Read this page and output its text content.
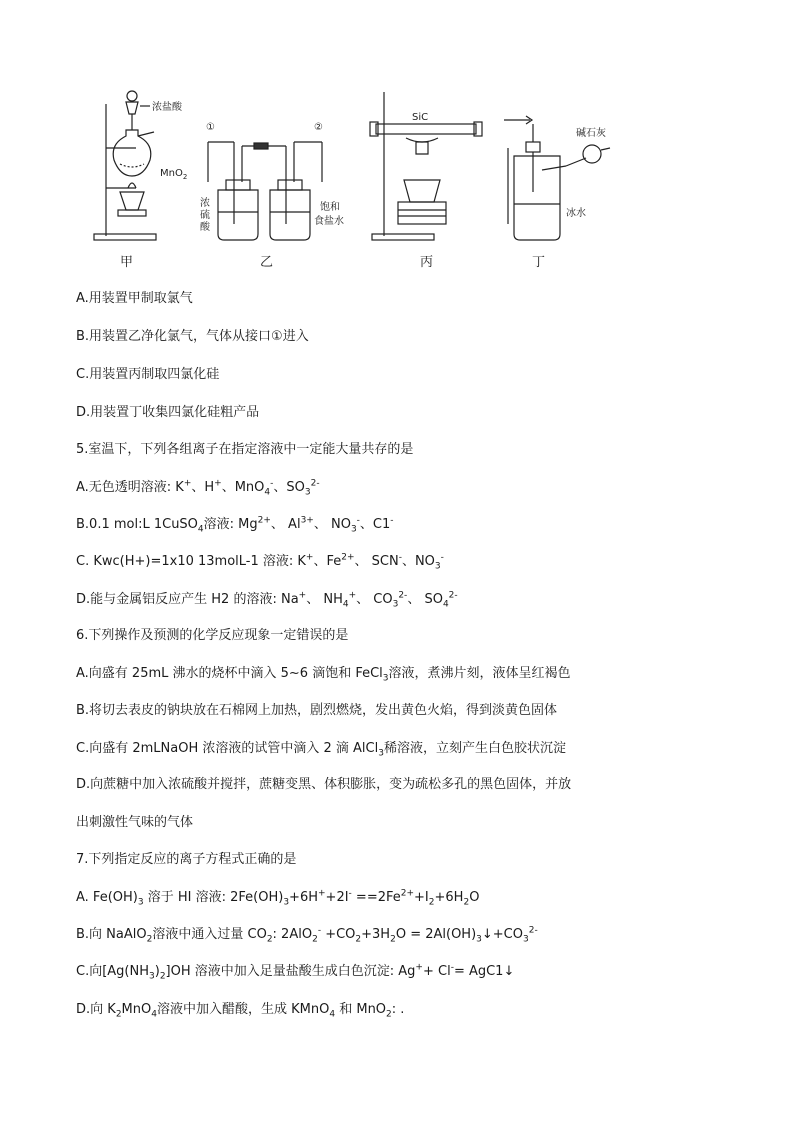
甲	乙	丙	丁
浓盐酸
MnO$_2$
①	②
浓
硫
酸
饱和
食盐水
SiC
碱石灰
冰水
A.用装置甲制取氯气
B.用装置乙净化氯气，气体从接口①进入
C.用装置丙制取四氯化硅
D.用装置丁收集四氯化硅粗产品
5.室温下，下列各组离子在指定溶液中一定能大量共存的是
A.无色透明溶液: K+、H+、MnO$_4$-、$SO_3^{2-}$
B.0.1 mol:L 1CuSO$_4$溶液: $Mg^{2+}$、 $Al^{3+}$、 $NO_3^-$、C1-
C. Kwc(H+)=1x10 13molL-1 溶液: K+、$Fe^{2+}$、 SCN-、$NO_3^-$
D.能与金属铝反应产生 H2 的溶液: Na+、 $NH_4^+$、 $CO_3^{2-}$、 $SO_4^{2-}$
6.下列操作及预测的化学反应现象一定错误的是
A.向盛有 25mL 沸水的烧杯中滴入 5~6 滴饱和 FeCl$_3$溶液，煮沸片刻，液体呈红褐色
B.将切去表皮的钠块放在石棉网上加热，剧烈燃烧，发出黄色火焰，得到淡黄色固体
C.向盛有 2mLNaOH 浓溶液的试管中滴入 2 滴 AlCl$_3$稀溶液，立刻产生白色胶状沉淀
D.向蔗糖中加入浓硫酸并搅拌，蔗糖变黑、体积膨胀，变为疏松多孔的黑色固体，并放
出刺激性气味的气体
7.下列指定反应的离子方程式正确的是
A. $Fe(OH)_3$ 溶于 HI 溶液: $2Fe(OH)_3+6H^++2I^- ==2Fe^{2+}+I_2+6H_2O$
B.向 NaAlO$_2$溶液中通入过量 $CO_2$: $2AlO_2^- +CO_2+3H_2O$ = $2Al(OH)_3↓+CO_3^{2-}$
C.向$[Ag(NH_3)_2]OH$ 溶液中加入足量盐酸生成白色沉淀: Ag++ Cl-= AgC1↓
D.向 $K_2MnO_4$溶液中加入醋酸，生成 KMnO$_4$ 和 MnO$_2$: .
